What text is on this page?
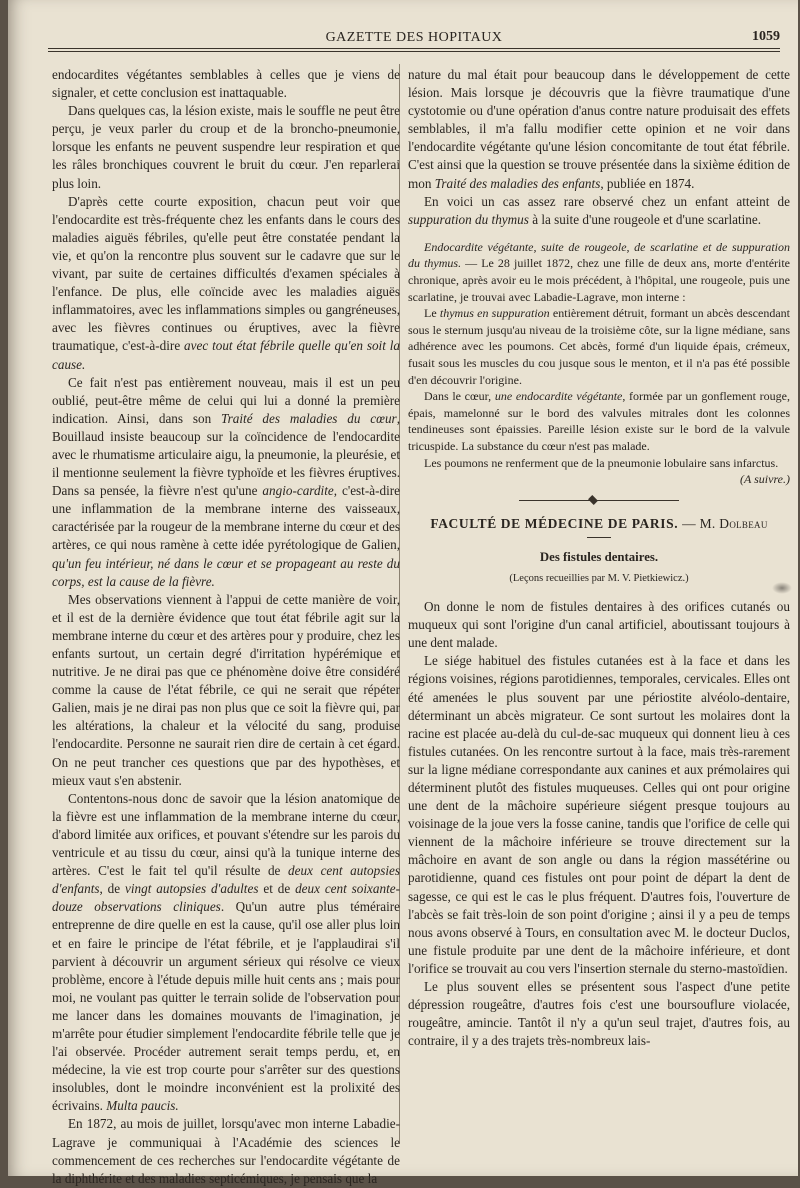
GAZETTE DES HOPITAUX	1059

endocardites végétantes semblables à celles que je viens de signaler, et cette conclusion est inattaquable.

Dans quelques cas, la lésion existe, mais le souffle ne peut être perçu, je veux parler du croup et de la broncho-pneumonie, lorsque les enfants ne peuvent suspendre leur respiration et que les râles bronchiques couvrent le bruit du cœur. J'en reparlerai plus loin.

D'après cette courte exposition, chacun peut voir que l'endocardite est très-fréquente chez les enfants dans le cours des maladies aiguës fébriles, qu'elle peut être constatée pendant la vie, et qu'on la rencontre plus souvent sur le cadavre que sur le vivant, par suite de certaines difficultés d'examen spéciales à l'enfance. De plus, elle coïncide avec les maladies aiguës inflammatoires, avec les inflammations simples ou gangréneuses, avec les fièvres continues ou éruptives, avec la fièvre traumatique, c'est-à-dire avec tout état fébrile quelle qu'en soit la cause.

Ce fait n'est pas entièrement nouveau, mais il est un peu oublié, peut-être même de celui qui lui a donné la première indication. Ainsi, dans son Traité des maladies du cœur, Bouillaud insiste beaucoup sur la coïncidence de l'endocardite avec le rhumatisme articulaire aigu, la pneumonie, la pleurésie, et il mentionne seulement la fièvre typhoïde et les fièvres éruptives. Dans sa pensée, la fièvre n'est qu'une angio-cardite, c'est-à-dire une inflammation de la membrane interne des vaisseaux, caractérisée par la rougeur de la membrane interne du cœur et des artères, ce qui nous ramène à cette idée pyrétologique de Galien, qu'un feu intérieur, né dans le cœur et se propageant au reste du corps, est la cause de la fièvre.

Mes observations viennent à l'appui de cette manière de voir, et il est de la dernière évidence que tout état fébrile agit sur la membrane interne du cœur et des artères pour y produire, chez les enfants surtout, un certain degré d'irritation hypérémique et nutritive. Je ne dirai pas que ce phénomène doive être considéré comme la cause de l'état fébrile, ce qui ne serait que répéter Galien, mais je ne dirai pas non plus que ce soit la fièvre qui, par les altérations, la chaleur et la vélocité du sang, produise l'endocardite. Personne ne saurait rien dire de certain à cet égard. On ne peut trancher ces questions que par des hypothèses, et mieux vaut s'en abstenir.

Contentons-nous donc de savoir que la lésion anatomique de la fièvre est une inflammation de la membrane interne du cœur, d'abord limitée aux orifices, et pouvant s'étendre sur les parois du ventricule et au tissu du cœur, ainsi qu'à la tunique interne des artères. C'est le fait tel qu'il résulte de deux cent autopsies d'enfants, de vingt autopsies d'adultes et de deux cent soixante-douze observations cliniques. Qu'un autre plus téméraire entreprenne de dire quelle en est la cause, qu'il ose aller plus loin et en faire le principe de l'état fébrile, et je l'applaudirai s'il parvient à découvrir un argument sérieux qui résolve ce vieux problème, encore à l'étude depuis mille huit cents ans ; mais pour moi, ne voulant pas quitter le terrain solide de l'observation pour me lancer dans les domaines mouvants de l'imagination, je m'arrête pour étudier simplement l'endocardite fébrile telle que je l'ai observée. Procéder autrement serait temps perdu, et, en médecine, la vie est trop courte pour s'arrêter sur des questions insolubles, dont le moindre inconvénient est la prolixité des écrivains. Multa paucis.

En 1872, au mois de juillet, lorsqu'avec mon interne Labadie-Lagrave je communiquai à l'Académie des sciences le commencement de ces recherches sur l'endocardite végétante de la diphthérite et des maladies septicémiques, je pensais que la

nature du mal était pour beaucoup dans le développement de cette lésion. Mais lorsque je découvris que la fièvre traumatique d'une cystotomie ou d'une opération d'anus contre nature produisait des effets semblables, il m'a fallu modifier cette opinion et ne voir dans l'endocardite végétante qu'une lésion concomitante de tout état fébrile. C'est ainsi que la question se trouve présentée dans la sixième édition de mon Traité des maladies des enfants, publiée en 1874.

En voici un cas assez rare observé chez un enfant atteint de suppuration du thymus à la suite d'une rougeole et d'une scarlatine.

Endocardite végétante, suite de rougeole, de scarlatine et de suppuration du thymus. — Le 28 juillet 1872, chez une fille de deux ans, morte d'entérite chronique, après avoir eu le mois précédent, à l'hôpital, une rougeole, puis une scarlatine, je trouvai avec Labadie-Lagrave, mon interne :

Le thymus en suppuration entièrement détruit, formant un abcès descendant sous le sternum jusqu'au niveau de la troisième côte, sur la ligne médiane, sans adhérence avec les poumons. Cet abcès, formé d'un liquide épais, crémeux, fusait sous les muscles du cou jusque sous le menton, et il n'a pas été possible d'en découvrir l'origine.

Dans le cœur, une endocardite végétante, formée par un gonflement rouge, épais, mamelonné sur le bord des valvules mitrales dont les colonnes tendineuses sont épaissies. Pareille lésion existe sur le bord de la valvule tricuspide. La substance du cœur n'est pas malade.

Les poumons ne renferment que de la pneumonie lobulaire sans infarctus.

(A suivre.)

FACULTÉ DE MÉDECINE DE PARIS. — M. Dolbeau
Des fistules dentaires.
(Leçons recueillies par M. V. Pietkiewicz.)

On donne le nom de fistules dentaires à des orifices cutanés ou muqueux qui sont l'origine d'un canal artificiel, aboutissant toujours à une dent malade.

Le siége habituel des fistules cutanées est à la face et dans les régions voisines, régions parotidiennes, temporales, cervicales. Elles ont été amenées le plus souvent par une périostite alvéolo-dentaire, déterminant un abcès migrateur. Ce sont surtout les molaires dont la racine est placée au-delà du cul-de-sac muqueux qui donnent lieu à ces fistules cutanées. On les rencontre surtout à la face, mais très-rarement sur la ligne médiane correspondante aux canines et aux prémolaires qui déterminent plutôt des fistules muqueuses. Celles qui ont pour origine une dent de la mâchoire supérieure siégent presque toujours au voisinage de la joue vers la fosse canine, tandis que l'orifice de celle qui viennent de la mâchoire inférieure se trouve directement sur la mâchoire en avant de son angle ou dans la région massétérine ou parotidienne, quand ces fistules ont pour point de départ la dent de sagesse, ce qui est le cas le plus fréquent. D'autres fois, l'ouverture de l'abcès se fait très-loin de son point d'origine ; ainsi il y a peu de temps nous avons observé à Tours, en consultation avec M. le docteur Duclos, une fistule produite par une dent de la mâchoire inférieure, et dont l'orifice se trouvait au cou vers l'insertion sternale du sterno-mastoïdien.

Le plus souvent elles se présentent sous l'aspect d'une petite dépression rougeâtre, d'autres fois c'est une boursouflure violacée, rougeâtre, amincie. Tantôt il n'y a qu'un seul trajet, d'autres fois, au contraire, il y a des trajets très-nombreux lais-
